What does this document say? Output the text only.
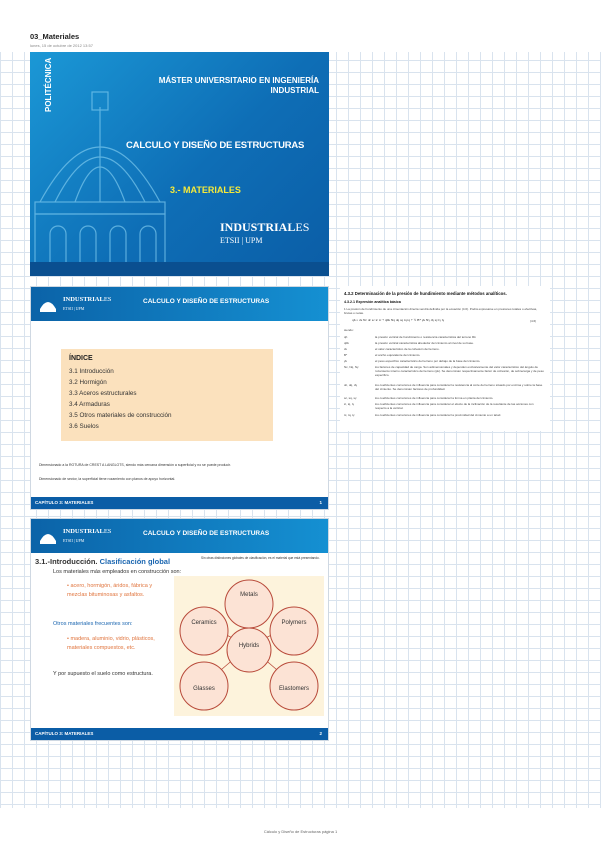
03_Materiales
lunes, 15 de octubre de 2012 13:57
POLITÉCNICA	MÁSTER UNIVERSITARIO EN INGENIERÍA INDUSTRIAL
CALCULO Y DISEÑO DE ESTRUCTURAS
3.- MATERIALES
INDUSTRIALES
ETSII | UPM
INDUSTRIALES
ETSII | UPM
CALCULO Y DISEÑO DE ESTRUCTURAS
ÍNDICE
3.1 Introducción
3.2 Hormigón
3.3 Aceros estructurales
3.4 Armaduras
3.5 Otros materiales de construcción
3.6 Suelos
Dimensionado a la ROTURA de CREST A LANGLOTS, siendo más cercana dimensión a superficial y no se puede producir.
Dimensionado de sector, la superficial tiene rozamiento con planos de apoyo horizontal.
CAPÍTULO 3: MATERIALES	1
4.3.2 Determinación de la presión de hundimiento mediante métodos analíticos.
4.3.2.1 Expresión analítica básica
1 La presión de hundimiento de una cimentación directa vendrá definida por la ecuación (4.6). Podrá expresarse en presiones totales o efectivas, brutas o netas.
qh = ck Nc dc sc ic tc + q0k Nq dq sq iq tq + ½ B* γk Nγ dγ sγ iγ tγ	(4.6)
siendo:
qh	la presión vertical de hundimiento o resistencia característica del terreno Rk
q0k	la presión vertical característica alrededor del cimiento al nivel de su base.
ck	el valor característico de la cohesión del terreno.
B*	el ancho equivalente del cimiento.
γk	el peso específico característico del terreno por debajo de la base del cimiento.
Nc, Nq, Nγ	los factores de capacidad de carga. Son adimensionales y dependen exclusivamente del valor característico del ángulo de rozamiento interno característico del terreno (φk). Se denominan respectivamente factor de cohesión, de sobrecarga y de peso específico.
dc, dq, dγ	los coeficientes correctores de influencia para considerar la resistencia al corte del terreno situado por encima y sobre la base del cimiento. Se denominan factores de profundidad.
sc, sq, sγ	los coeficientes correctores de influencia para considerar la forma en planta del cimiento.
ic, iq, iγ	los coeficientes correctores de influencia para considerar el efecto de la inclinación de la resultante de las acciones con respecto a la vertical.
tc, tq, tγ	los coeficientes correctores de influencia para considerar la proximidad del cimiento a un talud.
INDUSTRIALES
ETSII | UPM
CALCULO Y DISEÑO DE ESTRUCTURAS
3.1.-Introducción. Clasificación global	Sin otras distinciones globales de clasificación, es el material que está presentando.
Los materiales más empleados en construcción son:
• acero, hormigón, áridos, fábrica y mezclas bituminosas y asfaltos.
Otros materiales frecuentes son:
• madera, aluminio, vidrio, plásticos, materiales compuestos, etc.
Y por supuesto el suelo como estructura.
Metals
Ceramics	Polymers
Hybrids
Glasses	Elastomers
CAPÍTULO 3: MATERIALES	2
Cálculo y Diseño de Estructuras página 1
